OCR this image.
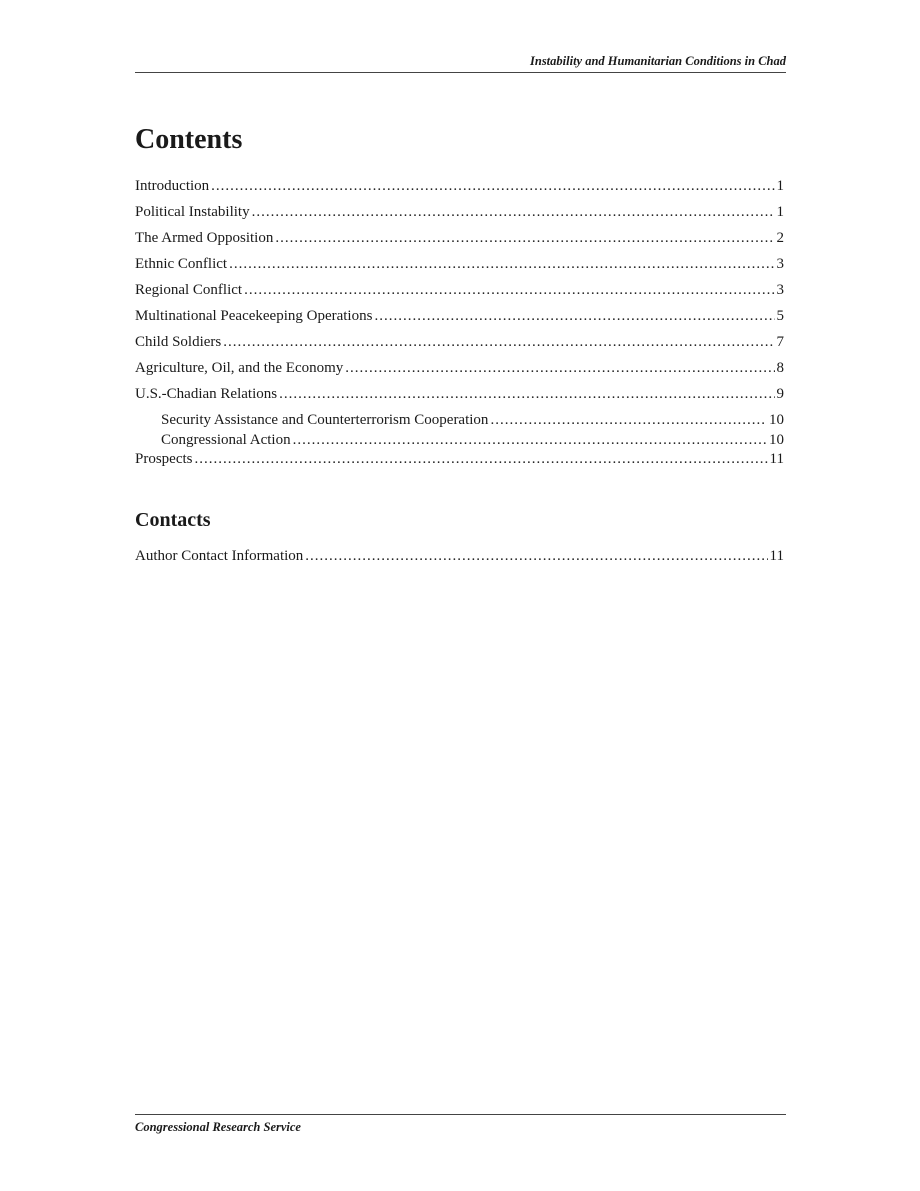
Instability and Humanitarian Conditions in Chad
Contents
Introduction .....	1
Political Instability .....	1
The Armed Opposition .....	2
Ethnic Conflict .....	3
Regional Conflict .....	3
Multinational Peacekeeping Operations .....	5
Child Soldiers .....	7
Agriculture, Oil, and the Economy .....	8
U.S.-Chadian Relations .....	9
Security Assistance and Counterterrorism Cooperation .....	10
Congressional Action .....	10
Prospects .....	11
Contacts
Author Contact Information .....	11
Congressional Research Service
